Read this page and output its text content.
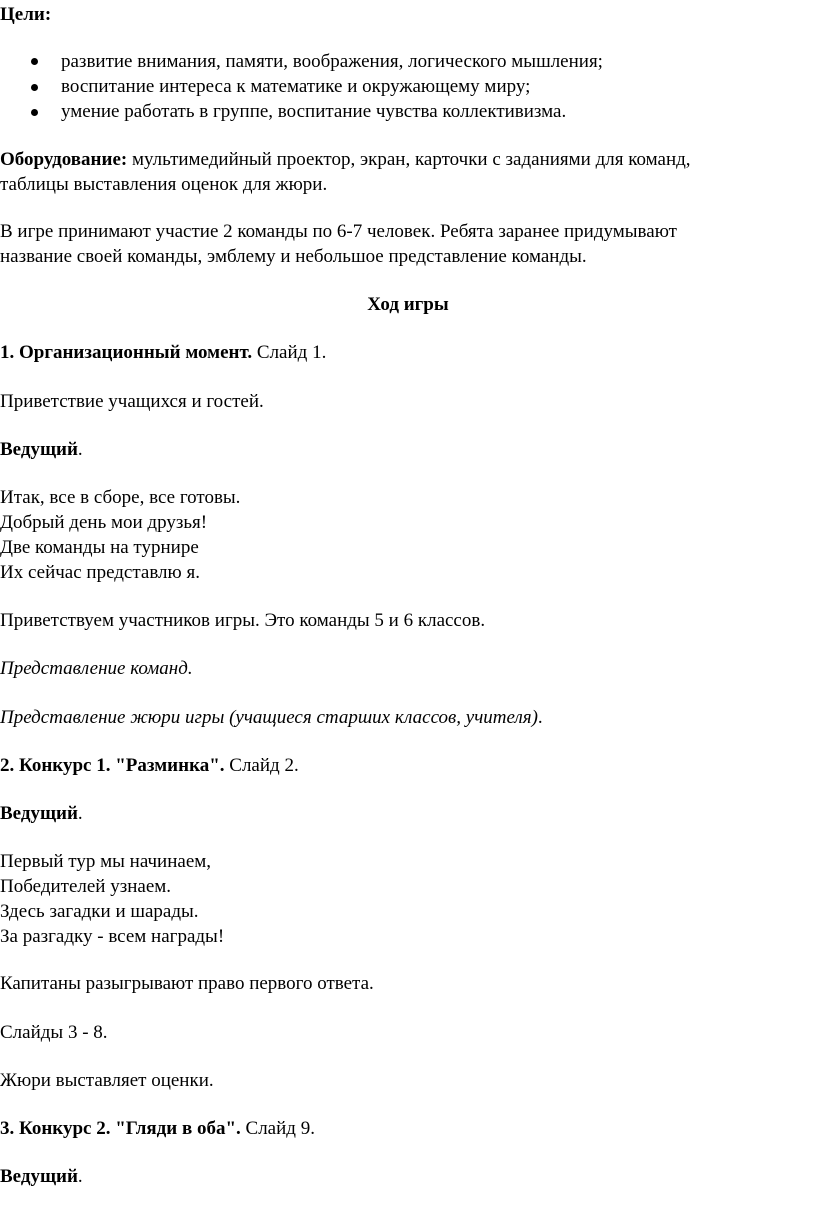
Цели:
развитие внимания, памяти, воображения, логического мышления;
воспитание интереса к математике и окружающему миру;
умение работать в группе, воспитание чувства коллективизма.
Оборудование: мультимедийный проектор, экран, карточки с заданиями для команд,
таблицы выставления оценок для жюри.
В игре принимают участие 2 команды по 6-7 человек. Ребята заранее придумывают
название своей команды, эмблему и небольшое представление команды.
Ход игры
1. Организационный момент. Слайд 1.
Приветствие учащихся и гостей.
Ведущий.
Итак, все в сборе, все готовы.
Добрый день мои друзья!
Две команды на турнире
Их сейчас представлю я.
Приветствуем участников игры. Это команды 5 и 6 классов.
Представление команд.
Представление жюри игры (учащиеся старших классов, учителя).
2. Конкурс 1. "Разминка". Слайд 2.
Ведущий.
Первый тур мы начинаем,
Победителей узнаем.
Здесь загадки и шарады.
За разгадку - всем награды!
Капитаны разыгрывают право первого ответа.
Слайды 3 - 8.
Жюри выставляет оценки.
3. Конкурс 2. "Гляди в оба". Слайд 9.
Ведущий.
